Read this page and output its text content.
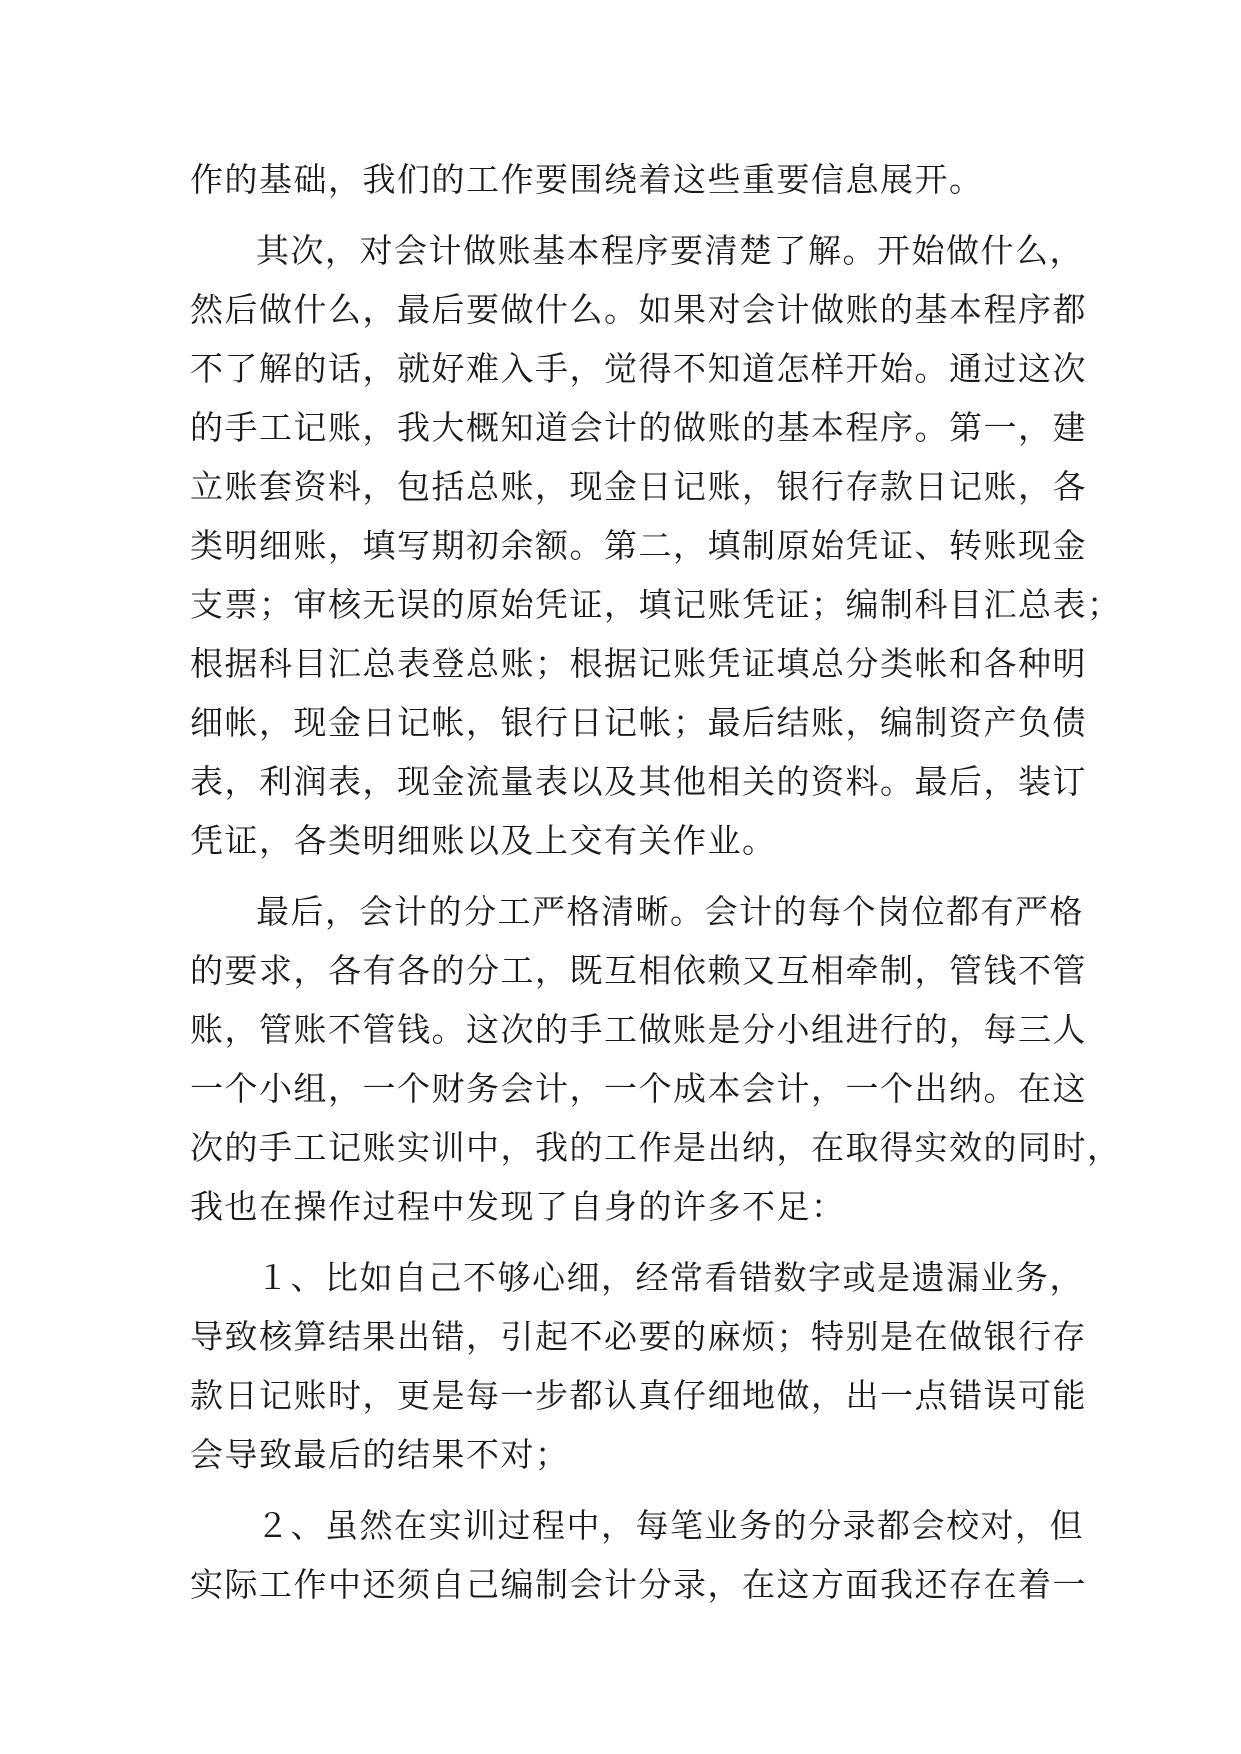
作的基础，我们的工作要围绕着这些重要信息展开。
其次，对会计做账基本程序要清楚了解。开始做什么，
然后做什么，最后要做什么。如果对会计做账的基本程序都
不了解的话，就好难入手，觉得不知道怎样开始。通过这次
的手工记账，我大概知道会计的做账的基本程序。第一，建
立账套资料，包括总账，现金日记账，银行存款日记账，各
类明细账，填写期初余额。第二，填制原始凭证、转账现金
支票；审核无误的原始凭证，填记账凭证；编制科目汇总表；
根据科目汇总表登总账；根据记账凭证填总分类帐和各种明
细帐，现金日记帐，银行日记帐；最后结账，编制资产负债
表，利润表，现金流量表以及其他相关的资料。最后，装订
凭证，各类明细账以及上交有关作业。
最后，会计的分工严格清晰。会计的每个岗位都有严格
的要求，各有各的分工，既互相依赖又互相牵制，管钱不管
账，管账不管钱。这次的手工做账是分小组进行的，每三人
一个小组，一个财务会计，一个成本会计，一个出纳。在这
次的手工记账实训中，我的工作是出纳，在取得实效的同时，
我也在操作过程中发现了自身的许多不足：
１、比如自己不够心细，经常看错数字或是遗漏业务，
导致核算结果出错，引起不必要的麻烦；特别是在做银行存
款日记账时，更是每一步都认真仔细地做，出一点错误可能
会导致最后的结果不对；
２、虽然在实训过程中，每笔业务的分录都会校对，但
实际工作中还须自己编制会计分录，在这方面我还存在着一
